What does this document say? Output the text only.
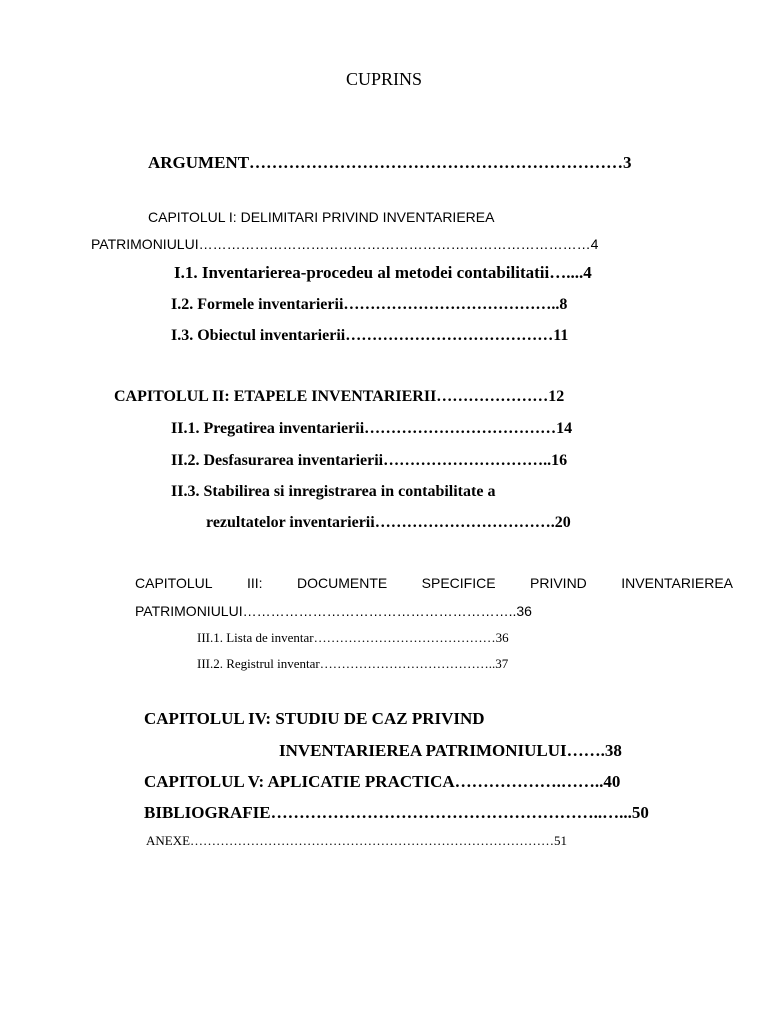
CUPRINS
ARGUMENT…………………………………………………………3
CAPITOLUL I: DELIMITARI PRIVIND INVENTARIEREA
PATRIMONIULUI…………………………………………………………………………4
I.1. Inventarierea-procedeu al metodei contabilitatii…....4
I.2. Formele inventarierii…………………………………..8
I.3. Obiectul inventarierii…………………………………11
CAPITOLUL II: ETAPELE INVENTARIERII…………………12
II.1. Pregatirea inventarierii………………………………14
II.2. Desfasurarea inventarierii…………………………..16
II.3. Stabilirea si inregistrarea in contabilitate a
rezultatelor inventarierii…………………………….20
CAPITOLUL III: DOCUMENTE SPECIFICE PRIVIND INVENTARIEREA
PATRIMONIULUI…………………………………………………..36
III.1. Lista de inventar……………………………………36
III.2. Registrul inventar…………………………………..37
CAPITOLUL IV: STUDIU DE CAZ PRIVIND
INVENTARIEREA PATRIMONIULUI…….38
CAPITOLUL V: APLICATIE PRACTICA……………….……..40
BIBLIOGRAFIE…………………………………………………..…...50
ANEXE…………………………………………………………………………51
